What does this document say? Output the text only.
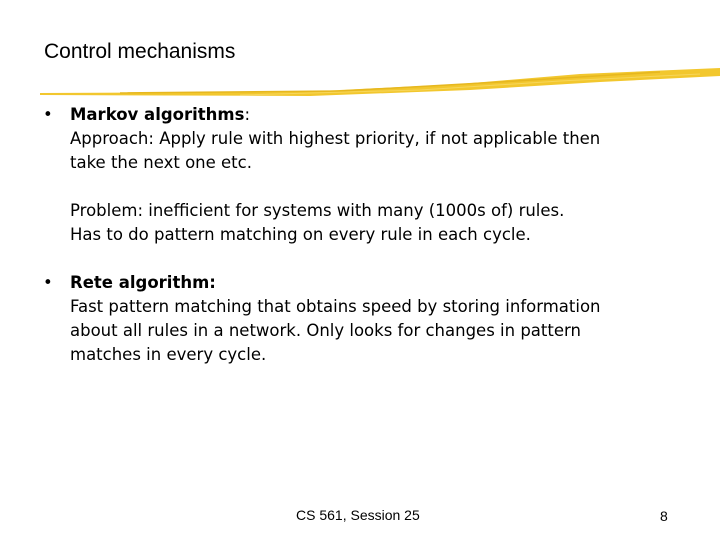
Control mechanisms
• Markov algorithms:
Approach: Apply rule with highest priority, if not applicable then
take the next one etc.
Problem: inefficient for systems with many (1000s of) rules.
Has to do pattern matching on every rule in each cycle.
• Rete algorithm:
Fast pattern matching that obtains speed by storing information
about all rules in a network. Only looks for changes in pattern
matches in every cycle.
CS 561, Session 25	8
